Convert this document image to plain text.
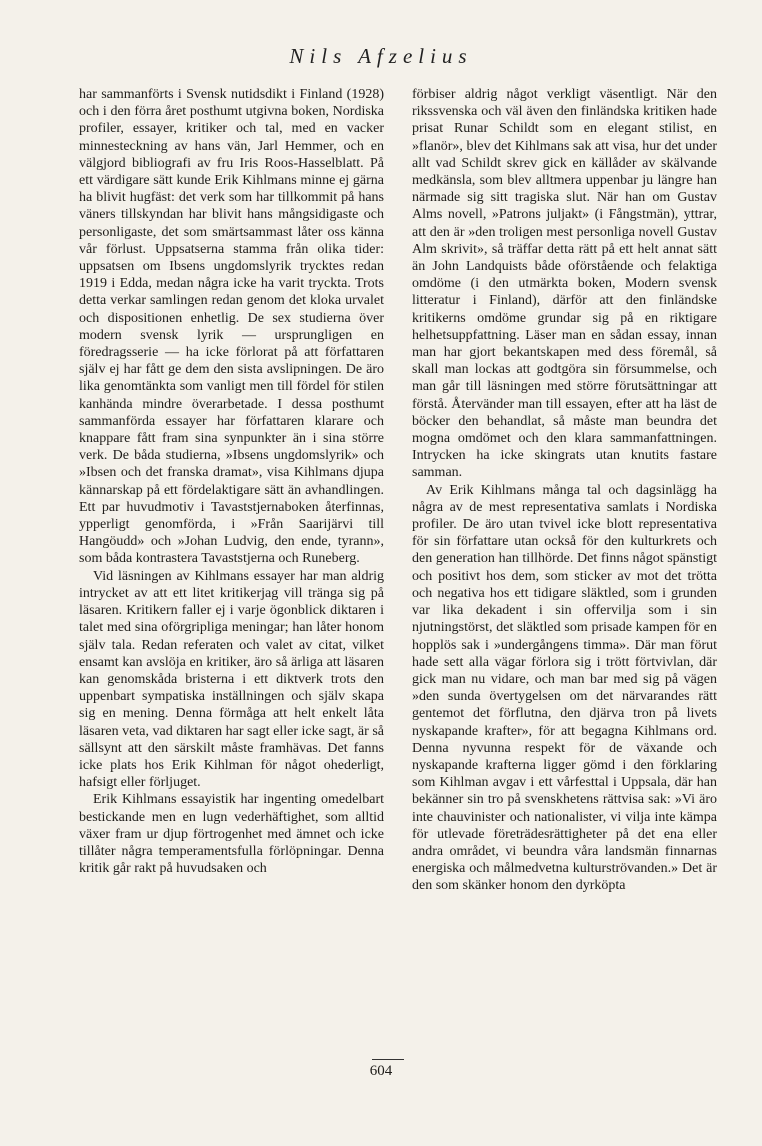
Nils Afzelius

har sammanförts i Svensk nutidsdikt i Finland (1928) och i den förra året posthumt utgivna boken, Nordiska profiler, essayer, kritiker och tal, med en vacker minnesteckning av hans vän, Jarl Hemmer, och en välgjord bibliografi av fru Iris Roos-Hasselblatt. På ett värdigare sätt kunde Erik Kihlmans minne ej gärna ha blivit hugfäst: det verk som har tillkommit på hans väners tillskyndan har blivit hans mångsidigaste och personligaste, det som smärtsammast låter oss känna vår förlust. Uppsatserna stamma från olika tider: uppsatsen om Ibsens ungdomslyrik trycktes redan 1919 i Edda, medan några icke ha varit tryckta. Trots detta verkar samlingen redan genom det kloka urvalet och dispositionen enhetlig. De sex studierna över modern svensk lyrik — ursprungligen en föredragsserie — ha icke förlorat på att författaren själv ej har fått ge dem den sista avslipningen. De äro lika genomtänkta som vanligt men till fördel för stilen kanhända mindre överarbetade. I dessa posthumt sammanförda essayer har författaren klarare och knappare fått fram sina synpunkter än i sina större verk. De båda studierna, »Ibsens ungdomslyrik» och »Ibsen och det franska dramat», visa Kihlmans djupa kännarskap på ett fördelaktigare sätt än avhandlingen. Ett par huvudmotiv i Tavaststjernaboken återfinnas, ypperligt genomförda, i »Från Saarijärvi till Hangöudd» och »Johan Ludvig, den ende, tyrann», som båda kontrastera Tavaststjerna och Runeberg.

Vid läsningen av Kihlmans essayer har man aldrig intrycket av att ett litet kritikerjag vill tränga sig på läsaren. Kritikern faller ej i varje ögonblick diktaren i talet med sina oförgripliga meningar; han låter honom själv tala. Redan referaten och valet av citat, vilket ensamt kan avslöja en kritiker, äro så ärliga att läsaren kan genomskåda bristerna i ett diktverk trots den uppenbart sympatiska inställningen och själv skapa sig en mening. Denna förmåga att helt enkelt låta läsaren veta, vad diktaren har sagt eller icke sagt, är så sällsynt att den särskilt måste framhävas. Det fanns icke plats hos Erik Kihlman för något ohederligt, hafsigt eller förljuget.

Erik Kihlmans essayistik har ingenting omedelbart bestickande men en lugn vederhäftighet, som alltid växer fram ur djup förtrogenhet med ämnet och icke tillåter några temperamentsfulla förlöpningar. Denna kritik går rakt på huvudsaken och

förbiser aldrig något verkligt väsentligt. När den rikssvenska och väl även den finländska kritiken hade prisat Runar Schildt som en elegant stilist, en »flanör», blev det Kihlmans sak att visa, hur det under allt vad Schildt skrev gick en källåder av skälvande medkänsla, som blev alltmera uppenbar ju längre han närmade sig sitt tragiska slut. När han om Gustav Alms novell, »Patrons juljakt» (i Fångstmän), yttrar, att den är »den troligen mest personliga novell Gustav Alm skrivit», så träffar detta rätt på ett helt annat sätt än John Landquists både oförstående och felaktiga omdöme (i den utmärkta boken, Modern svensk litteratur i Finland), därför att den finländske kritikerns omdöme grundar sig på en riktigare helhetsuppfattning. Läser man en sådan essay, innan man har gjort bekantskapen med dess föremål, så skall man lockas att godtgöra sin försummelse, och man går till läsningen med större förutsättningar att förstå. Återvänder man till essayen, efter att ha läst de böcker den behandlat, så måste man beundra det mogna omdömet och den klara sammanfattningen. Intrycken ha icke skingrats utan knutits fastare samman.

Av Erik Kihlmans många tal och dagsinlägg ha några av de mest representativa samlats i Nordiska profiler. De äro utan tvivel icke blott representativa för sin författare utan också för den kulturkrets och den generation han tillhörde. Det finns något spänstigt och positivt hos dem, som sticker av mot det trötta och negativa hos ett tidigare släktled, som i grunden var lika dekadent i sin offervilja som i sin njutningstörst, det släktled som prisade kampen för en hopplös sak i »undergångens timma». Där man förut hade sett alla vägar förlora sig i trött förtvivlan, där gick man nu vidare, och man bar med sig på vägen »den sunda övertygelsen om det närvarandes rätt gentemot det förflutna, den djärva tron på livets nyskapande krafter», för att begagna Kihlmans ord. Denna nyvunna respekt för de växande och nyskapande krafterna ligger gömd i den förklaring som Kihlman avgav i ett vårfesttal i Uppsala, där han bekänner sin tro på svenskhetens rättvisa sak: »Vi äro inte chauvinister och nationalister, vi vilja inte kämpa för utlevade företrädesrättigheter på det ena eller andra området, vi beundra våra landsmän finnarnas energiska och målmedvetna kulturströvanden.» Det är den som skänker honom den dyrköpta

604
